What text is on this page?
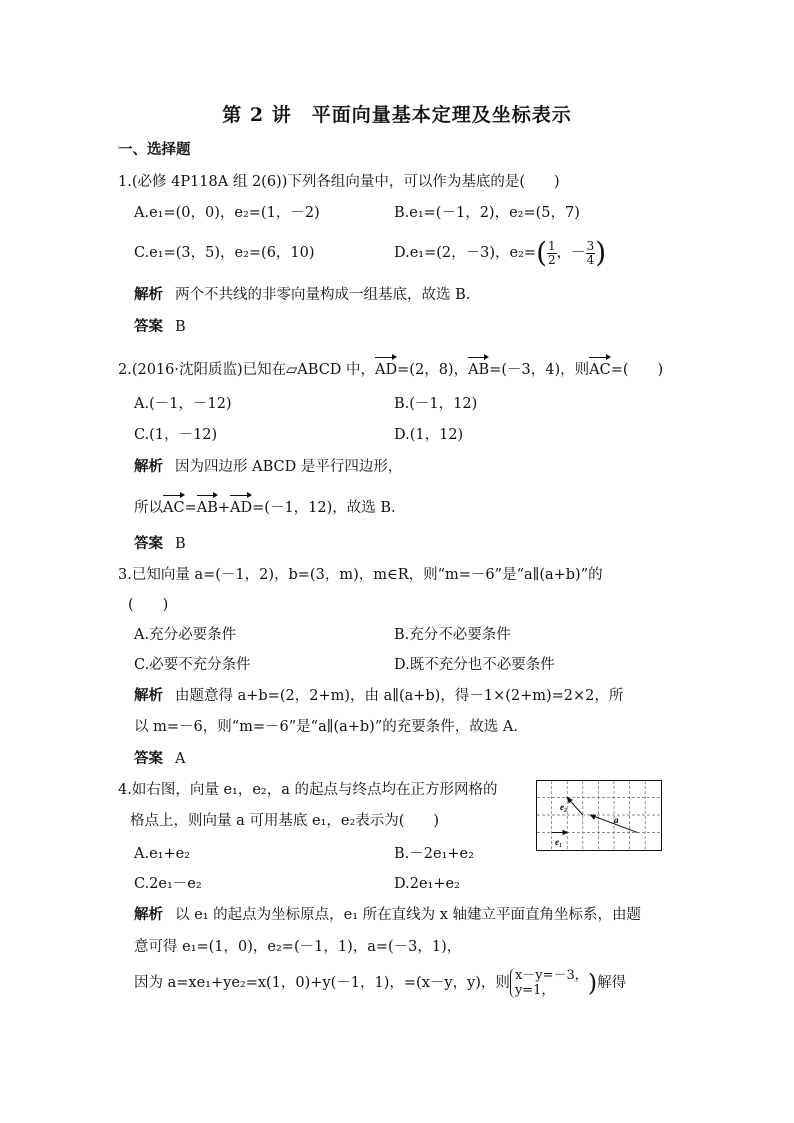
第 2 讲　平面向量基本定理及坐标表示
一、选择题
1.(必修 4P118A 组 2(6))下列各组向量中，可以作为基底的是(　　)
A.e₁=(0，0)，e₂=(1，－2)	B.e₁=(－1，2)，e₂=(5，7)
C.e₁=(3，5)，e₂=(6，10)	D.e₁=(2，－3)，$e_2=( \frac{1}{2}$ ，－ $\frac{3}{4}$ )
解析 两个不共线的非零向量构成一组基底，故选 B.
答案 B
2.(2016·沈阳质监)已知在▱ABCD 中，AD=(2，8)，AB=(－3，4)，则AC=(　　)
A.(－1，－12)	B.(－1，12)
C.(1，－12)	D.(1，12)
解析 因为四边形 ABCD 是平行四边形，
所以AC=AB+AD=(－1，12)，故选 B.
答案 B
3.已知向量 a=(－1，2)，b=(3，m)，m∈R，则“m=－6”是“a∥(a+b)”的
(　　)
A.充分必要条件	B.充分不必要条件
C.必要不充分条件	D.既不充分也不必要条件
解析 由题意得 a+b=(2，2+m)，由 a∥(a+b)，得－1×(2+m)=2×2，所
以 m=－6，则“m=－6”是“a∥(a+b)”的充要条件，故选 A.
答案 A
4.如右图，向量 e₁，e₂，a 的起点与终点均在正方形网格的
格点上，则向量 a 可用基底 e₁，e₂表示为(　　)
A.e₁+e₂	B.－2e₁+e₂
C.2e₁－e₂	D.2e₁+e₂
解析 以 e₁ 的起点为坐标原点，e₁ 所在直线为 x 轴建立平面直角坐标系，由题
意可得 e₁=(1，0)，e₂=(－1，1)，a=(－3，1)，
因为 a=xe₁+ye₂=x(1，0)+y(－1，1)，=(x－y，y)，则 x－y=－3，
y=1，	)解得
e₂
e₁
a
